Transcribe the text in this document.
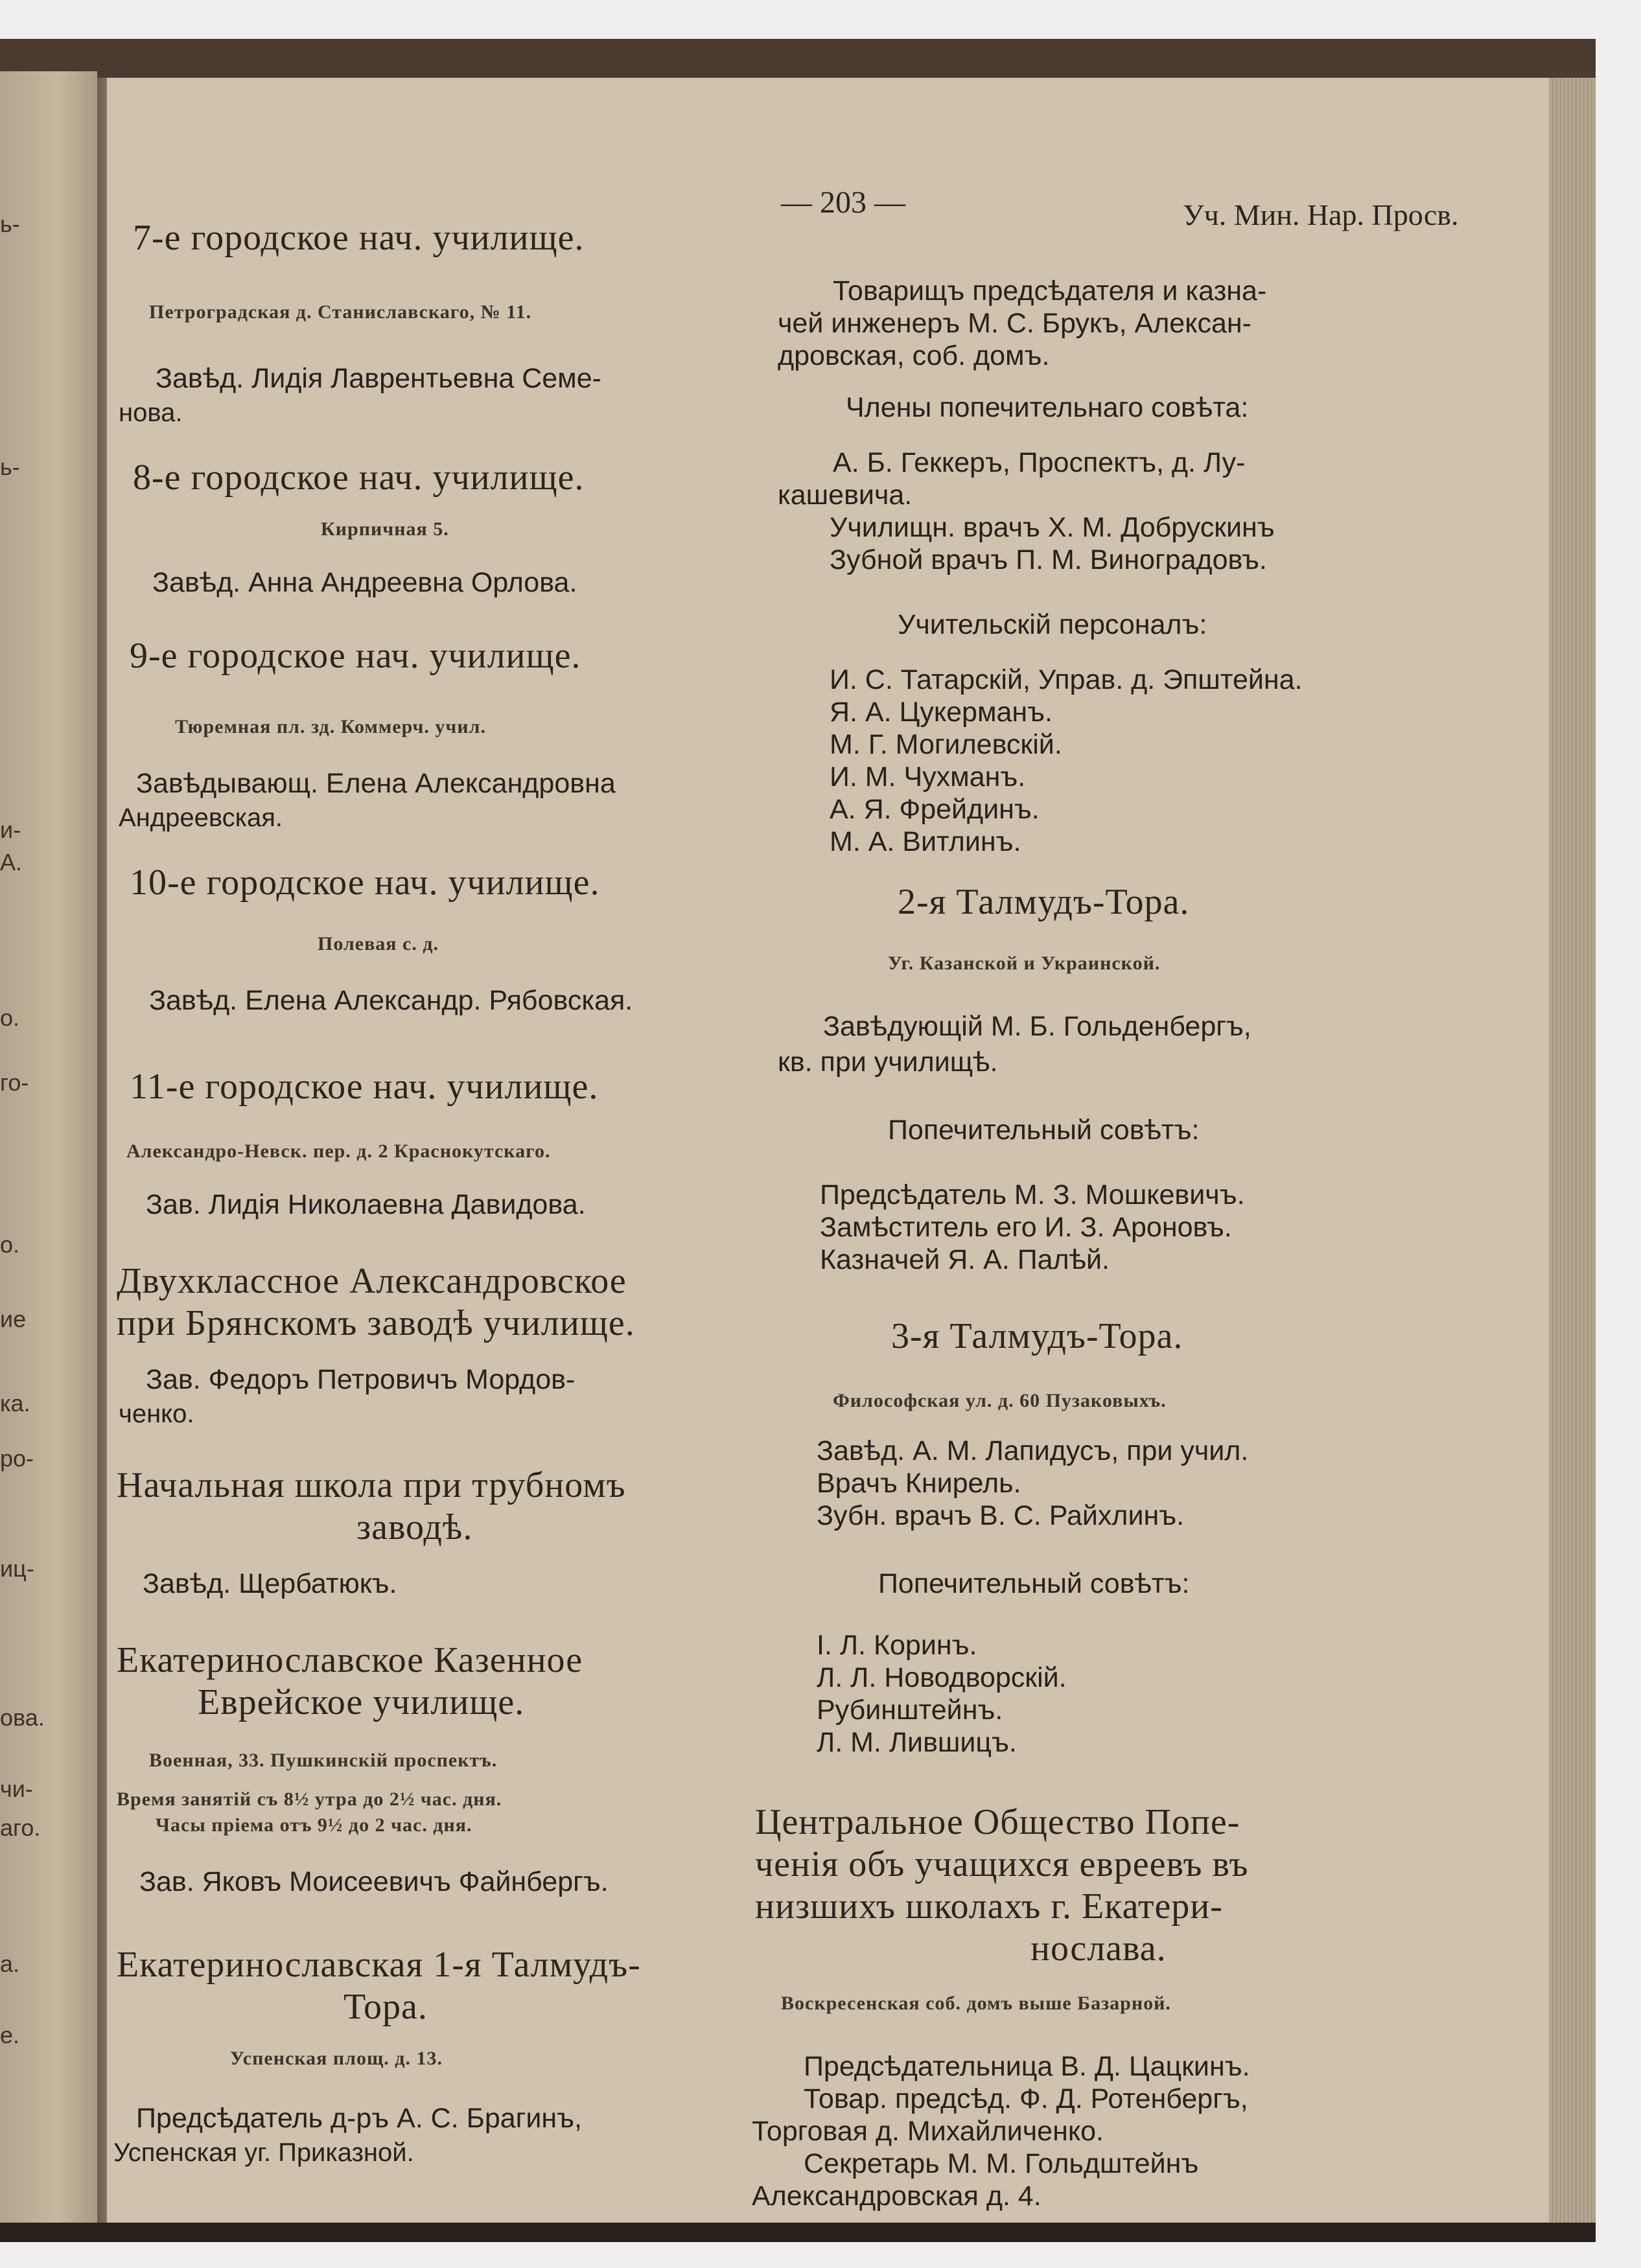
ь-
ь-
и-
А.
о.
го-
о.
ие
ка.
ро-
иц-
ова.
чи-
аго.
а.
е.
— 203 —	Уч. Мин. Нар. Просв.
7-е городское нач. училище.
Петроградская д. Станиславскаго, № 11.
Завѣд. Лидія Лаврентьевна Семе-
нова.
8-е городское нач. училище.
Кирпичная 5.
Завѣд. Анна Андреевна Орлова.
9-е городское нач. училище.
Тюремная пл. зд. Коммерч. учил.
Завѣдывающ. Елена Александровна
Андреевская.
10-е городское нач. училище.
Полевая с. д.
Завѣд. Елена Александр. Рябовская.
11-е городское нач. училище.
Александро-Невск. пер. д. 2 Краснокутскаго.
Зав. Лидія Николаевна Давидова.
Двухклассное Александровское
при Брянскомъ заводѣ училище.
Зав. Федоръ Петровичъ Мордов-
ченко.
Начальная школа при трубномъ
заводѣ.
Завѣд. Щербатюкъ.
Екатеринославское Казенное
Еврейское училище.
Военная, 33. Пушкинскій проспектъ.
Время занятій съ 8½ утра до 2½ час. дня.
Часы пріема отъ 9½ до 2 час. дня.
Зав. Яковъ Моисеевичъ Файнбергъ.
Екатеринославская 1-я Талмудъ-
Тора.
Успенская площ. д. 13.
Предсѣдатель д-ръ А. С. Брагинъ,
Успенская уг. Приказной.
Товарищъ предсѣдателя и казна-
чей инженеръ М. С. Брукъ, Алексан-
дровская, соб. домъ.
Члены попечительнаго совѣта:
А. Б. Геккеръ, Проспектъ, д. Лу-
кашевича.
Училищн. врачъ Х. М. Добрускинъ
Зубной врачъ П. М. Виноградовъ.
Учительскій персоналъ:
И. С. Татарскій, Управ. д. Эпштейна.
Я. А. Цукерманъ.
М. Г. Могилевскій.
И. М. Чухманъ.
А. Я. Фрейдинъ.
М. А. Витлинъ.
2-я Талмудъ-Тора.
Уг. Казанской и Украинской.
Завѣдующій М. Б. Гольденбергъ,
кв. при училищѣ.
Попечительный совѣтъ:
Предсѣдатель М. З. Мошкевичъ.
Замѣститель его И. З. Ароновъ.
Казначей Я. А. Палѣй.
3-я Талмудъ-Тора.
Философская ул. д. 60 Пузаковыхъ.
Завѣд. А. М. Лапидусъ, при учил.
Врачъ Книрель.
Зубн. врачъ В. С. Райхлинъ.
Попечительный совѣтъ:
І. Л. Коринъ.
Л. Л. Новодворскій.
Рубинштейнъ.
Л. М. Лившицъ.
Центральное Общество Попе-
ченія объ учащихся евреевъ въ
низшихъ школахъ г. Екатери-
нослава.
Воскресенская соб. домъ выше Базарной.
Предсѣдательница В. Д. Цацкинъ.
Товар. предсѣд. Ф. Д. Ротенбергъ,
Торговая д. Михайличенко.
Секретарь М. М. Гольдштейнъ
Александровская д. 4.
